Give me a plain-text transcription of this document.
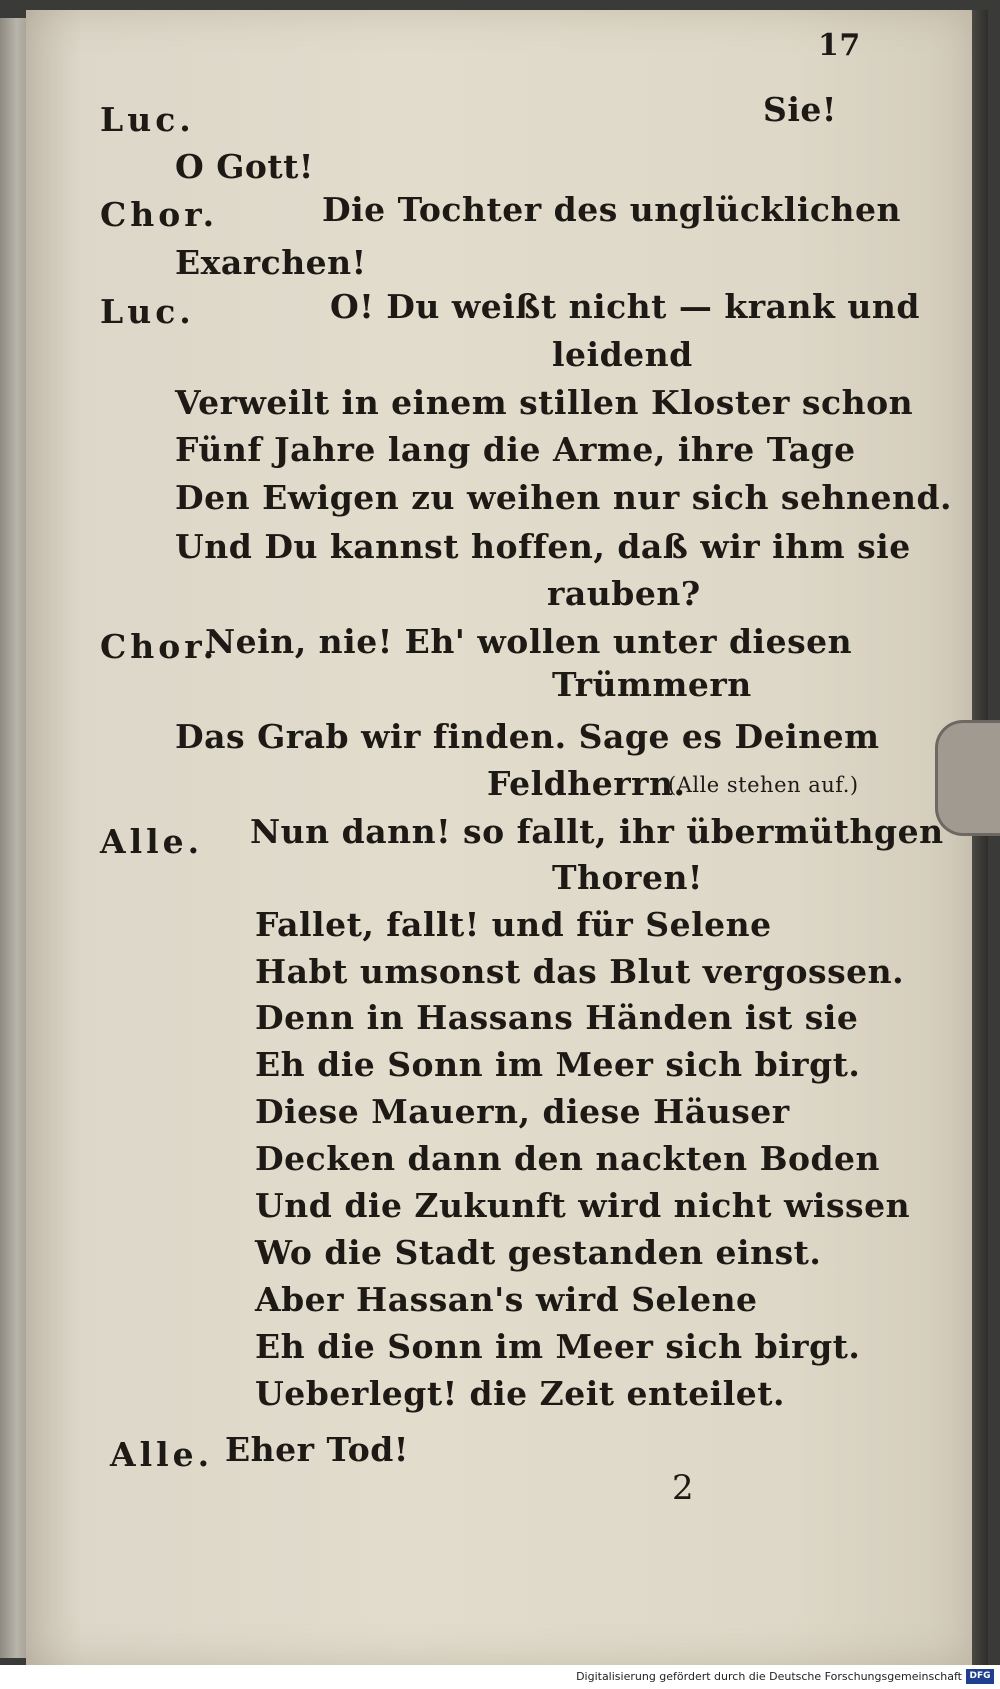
17
Luc.	Sie!
O Gott!
Chor.	Die Tochter des unglücklichen
Exarchen!
Luc.	O! Du weißt nicht — krank und
leidend
Verweilt in einem stillen Kloster schon
Fünf Jahre lang die Arme, ihre Tage
Den Ewigen zu weihen nur sich sehnend.
Und Du kannst hoffen, daß wir ihm sie
rauben?
Chor.
Nein, nie! Eh' wollen unter diesen
Trümmern
Das Grab wir finden. Sage es Deinem
Feldherrn.
(Alle stehen auf.)
Alle. Nun dann! so fallt, ihr übermüthgen
Thoren!
Fallet, fallt! und für Selene
Habt umsonst das Blut vergossen.
Denn in Hassans Händen ist sie
Eh die Sonn im Meer sich birgt.
Diese Mauern, diese Häuser
Decken dann den nackten Boden
Und die Zukunft wird nicht wissen
Wo die Stadt gestanden einst.
Aber Hassan's wird Selene
Eh die Sonn im Meer sich birgt.
Ueberlegt! die Zeit enteilet.
Alle. Eher Tod!
2
Digitalisierung gefördert durch die Deutsche Forschungsgemeinschaft DFG
